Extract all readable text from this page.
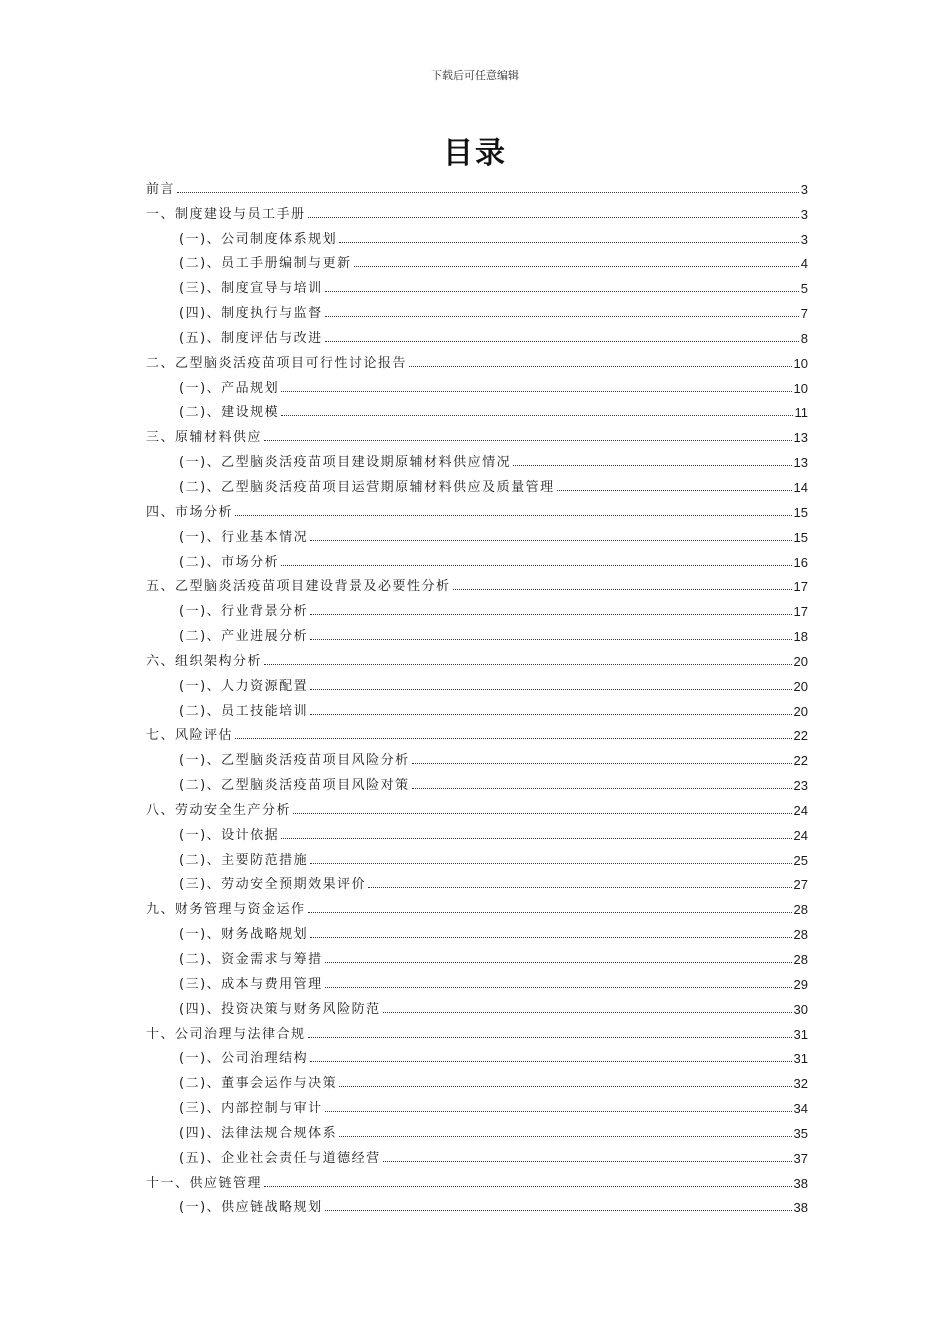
下载后可任意编辑
目录
前言	3
一、制度建设与员工手册	3
(一)、公司制度体系规划	3
(二)、员工手册编制与更新	4
(三)、制度宣导与培训	5
(四)、制度执行与监督	7
(五)、制度评估与改进	8
二、乙型脑炎活疫苗项目可行性讨论报告	10
(一)、产品规划	10
(二)、建设规模	11
三、原辅材料供应	13
(一)、乙型脑炎活疫苗项目建设期原辅材料供应情况	13
(二)、乙型脑炎活疫苗项目运营期原辅材料供应及质量管理	14
四、市场分析	15
(一)、行业基本情况	15
(二)、市场分析	16
五、乙型脑炎活疫苗项目建设背景及必要性分析	17
(一)、行业背景分析	17
(二)、产业进展分析	18
六、组织架构分析	20
(一)、人力资源配置	20
(二)、员工技能培训	20
七、风险评估	22
(一)、乙型脑炎活疫苗项目风险分析	22
(二)、乙型脑炎活疫苗项目风险对策	23
八、劳动安全生产分析	24
(一)、设计依据	24
(二)、主要防范措施	25
(三)、劳动安全预期效果评价	27
九、财务管理与资金运作	28
(一)、财务战略规划	28
(二)、资金需求与筹措	28
(三)、成本与费用管理	29
(四)、投资决策与财务风险防范	30
十、公司治理与法律合规	31
(一)、公司治理结构	31
(二)、董事会运作与决策	32
(三)、内部控制与审计	34
(四)、法律法规合规体系	35
(五)、企业社会责任与道德经营	37
十一、供应链管理	38
(一)、供应链战略规划	38
